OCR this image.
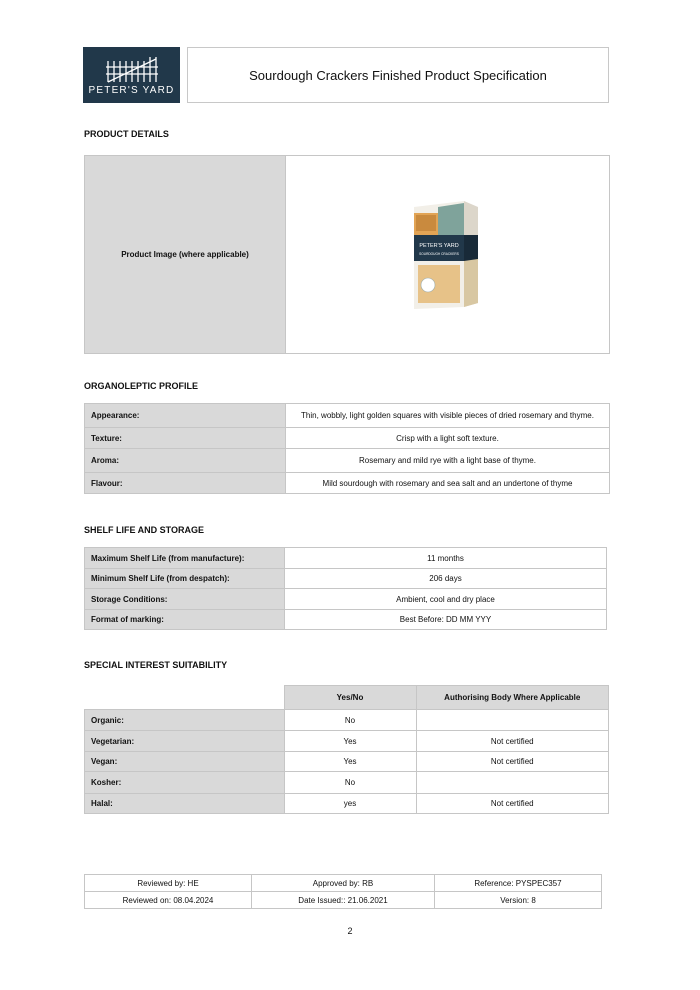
PETER'S YARD
Sourdough Crackers Finished Product Specification
PRODUCT DETAILS
Product Image (where applicable)	
PETER'S YARD
SOURDOUGH CRACKERS
ORGANOLEPTIC PROFILE
Appearance:	Thin, wobbly, light golden squares with visible pieces of dried rosemary and thyme.
Texture:	Crisp with a light soft texture.
Aroma:	Rosemary and mild rye with a light base of thyme.
Flavour:	Mild sourdough with rosemary and sea salt and an undertone of thyme
SHELF LIFE AND STORAGE
Maximum Shelf Life (from manufacture):	11 months
Minimum Shelf Life (from despatch):	206 days
Storage Conditions:	Ambient, cool and dry place
Format of marking:	Best Before: DD MM YYY
SPECIAL INTEREST SUITABILITY
	Yes/No	Authorising Body Where Applicable
Organic:	No	
Vegetarian:	Yes	Not certified
Vegan:	Yes	Not certified
Kosher:	No	
Halal:	yes	Not certified
Reviewed by: HE	Approved by: RB	Reference: PYSPEC357
Reviewed on: 08.04.2024	Date Issued:: 21.06.2021	Version: 8
2
